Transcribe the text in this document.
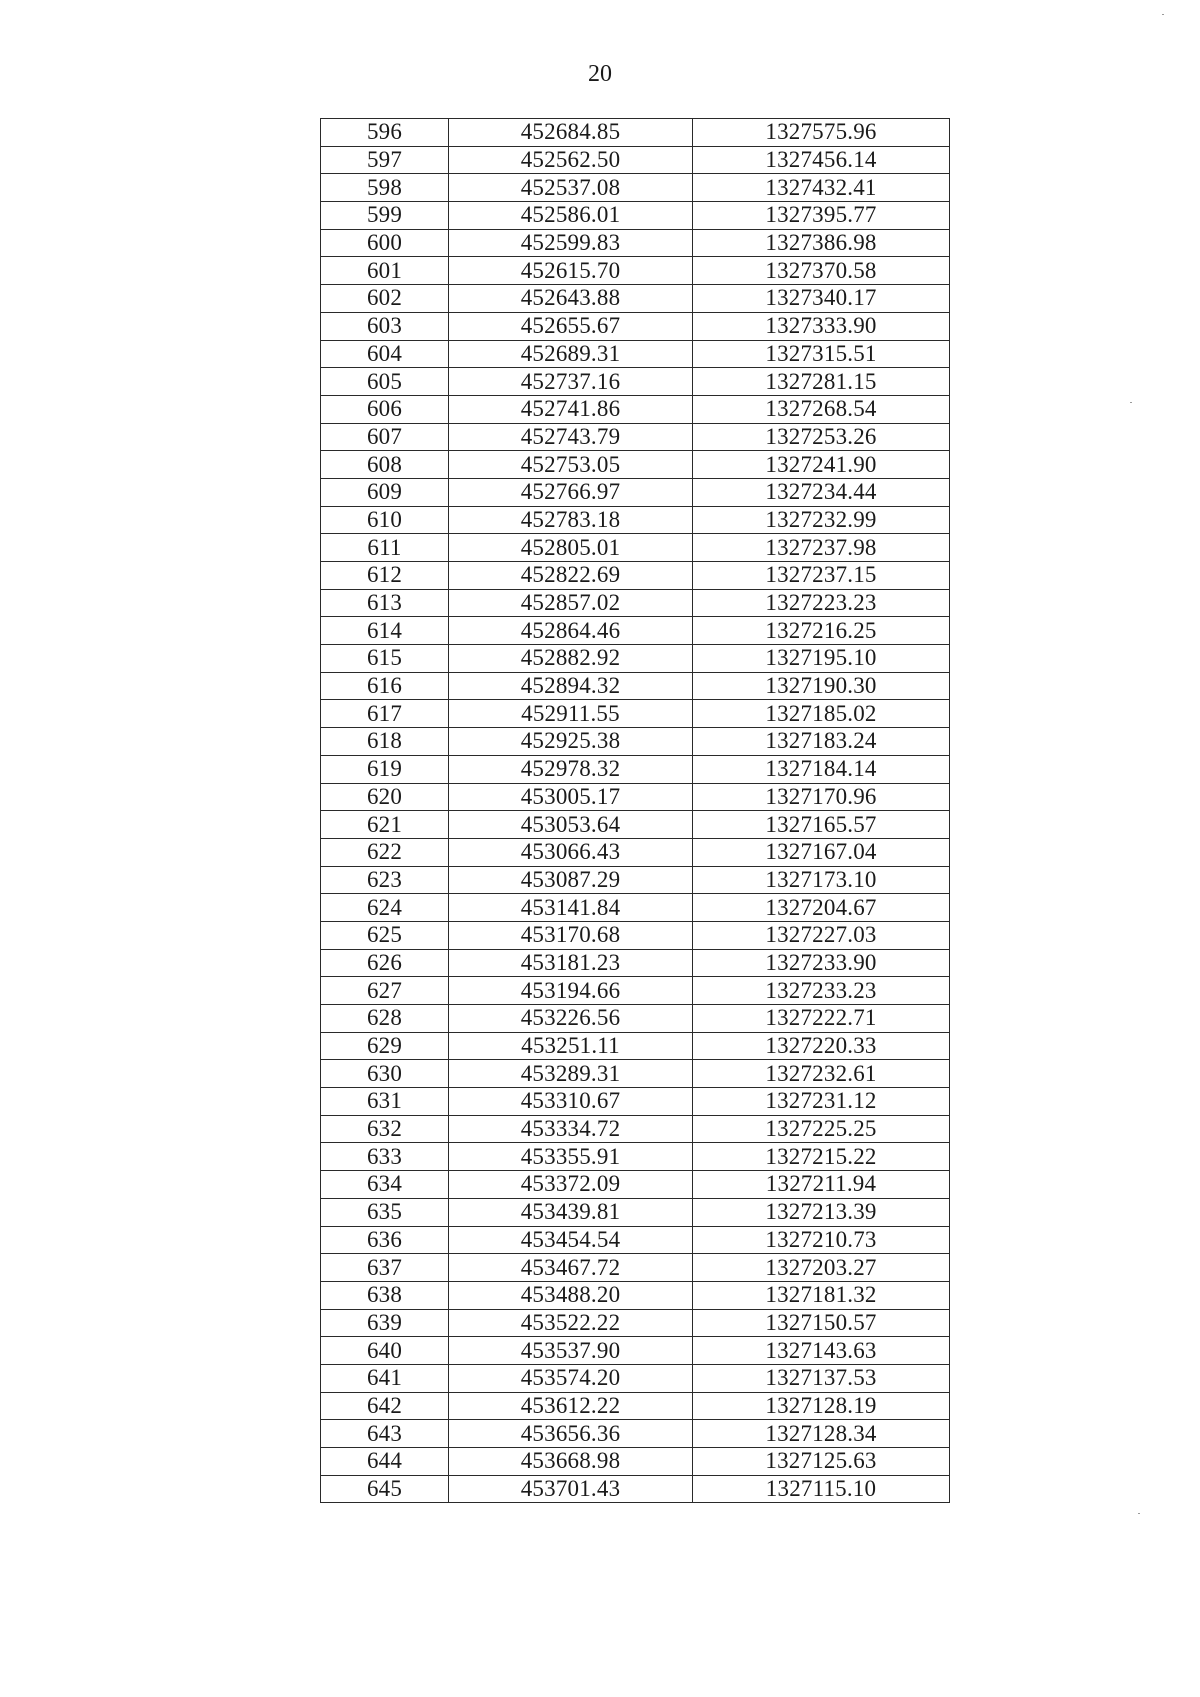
20
596	452684.85	1327575.96
597	452562.50	1327456.14
598	452537.08	1327432.41
599	452586.01	1327395.77
600	452599.83	1327386.98
601	452615.70	1327370.58
602	452643.88	1327340.17
603	452655.67	1327333.90
604	452689.31	1327315.51
605	452737.16	1327281.15
606	452741.86	1327268.54
607	452743.79	1327253.26
608	452753.05	1327241.90
609	452766.97	1327234.44
610	452783.18	1327232.99
611	452805.01	1327237.98
612	452822.69	1327237.15
613	452857.02	1327223.23
614	452864.46	1327216.25
615	452882.92	1327195.10
616	452894.32	1327190.30
617	452911.55	1327185.02
618	452925.38	1327183.24
619	452978.32	1327184.14
620	453005.17	1327170.96
621	453053.64	1327165.57
622	453066.43	1327167.04
623	453087.29	1327173.10
624	453141.84	1327204.67
625	453170.68	1327227.03
626	453181.23	1327233.90
627	453194.66	1327233.23
628	453226.56	1327222.71
629	453251.11	1327220.33
630	453289.31	1327232.61
631	453310.67	1327231.12
632	453334.72	1327225.25
633	453355.91	1327215.22
634	453372.09	1327211.94
635	453439.81	1327213.39
636	453454.54	1327210.73
637	453467.72	1327203.27
638	453488.20	1327181.32
639	453522.22	1327150.57
640	453537.90	1327143.63
641	453574.20	1327137.53
642	453612.22	1327128.19
643	453656.36	1327128.34
644	453668.98	1327125.63
645	453701.43	1327115.10
